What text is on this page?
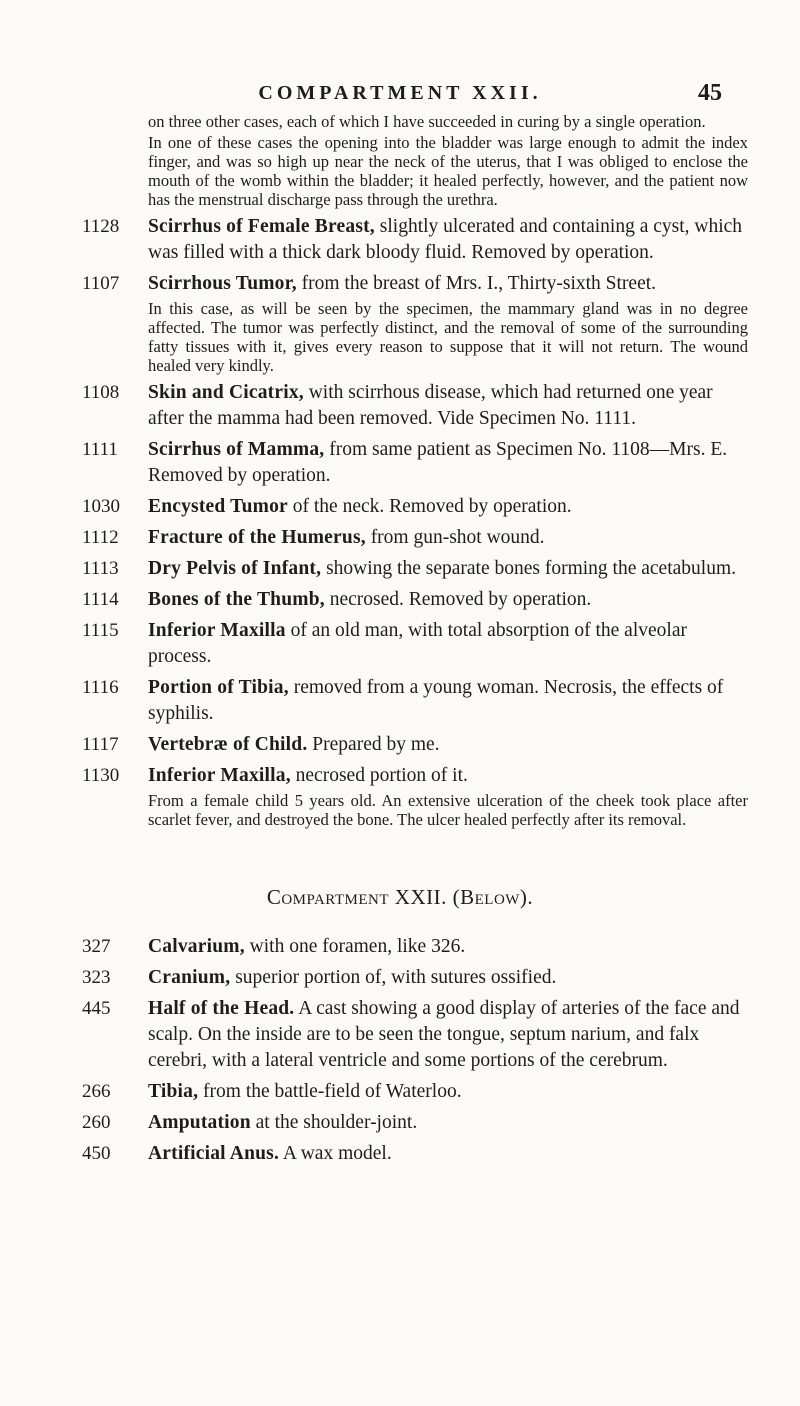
COMPARTMENT XXII.	45
on three other cases, each of which I have succeeded in curing by a single operation.
In one of these cases the opening into the bladder was large enough to admit the index finger, and was so high up near the neck of the uterus, that I was obliged to enclose the mouth of the womb within the bladder; it healed perfectly, however, and the patient now has the menstrual discharge pass through the urethra.
1128	Scirrhus of Female Breast, slightly ulcerated and containing a cyst, which was filled with a thick dark bloody fluid. Removed by operation.
1107	Scirrhous Tumor, from the breast of Mrs. I., Thirty-sixth Street.
In this case, as will be seen by the specimen, the mammary gland was in no degree affected. The tumor was perfectly distinct, and the removal of some of the surrounding fatty tissues with it, gives every reason to suppose that it will not return. The wound healed very kindly.
1108	Skin and Cicatrix, with scirrhous disease, which had returned one year after the mamma had been removed. Vide Specimen No. 1111.
1111	Scirrhus of Mamma, from same patient as Specimen No. 1108—Mrs. E. Removed by operation.
1030	Encysted Tumor of the neck. Removed by operation.
1112	Fracture of the Humerus, from gun-shot wound.
1113	Dry Pelvis of Infant, showing the separate bones forming the acetabulum.
1114	Bones of the Thumb, necrosed. Removed by operation.
1115	Inferior Maxilla of an old man, with total absorption of the alveolar process.
1116	Portion of Tibia, removed from a young woman. Necrosis, the effects of syphilis.
1117	Vertebræ of Child. Prepared by me.
1130	Inferior Maxilla, necrosed portion of it.
From a female child 5 years old. An extensive ulceration of the cheek took place after scarlet fever, and destroyed the bone. The ulcer healed perfectly after its removal.
Compartment XXII. (Below).
327	Calvarium, with one foramen, like 326.
323	Cranium, superior portion of, with sutures ossified.
445	Half of the Head. A cast showing a good display of arteries of the face and scalp. On the inside are to be seen the tongue, septum narium, and falx cerebri, with a lateral ventricle and some portions of the cerebrum.
266	Tibia, from the battle-field of Waterloo.
260	Amputation at the shoulder-joint.
450	Artificial Anus. A wax model.
